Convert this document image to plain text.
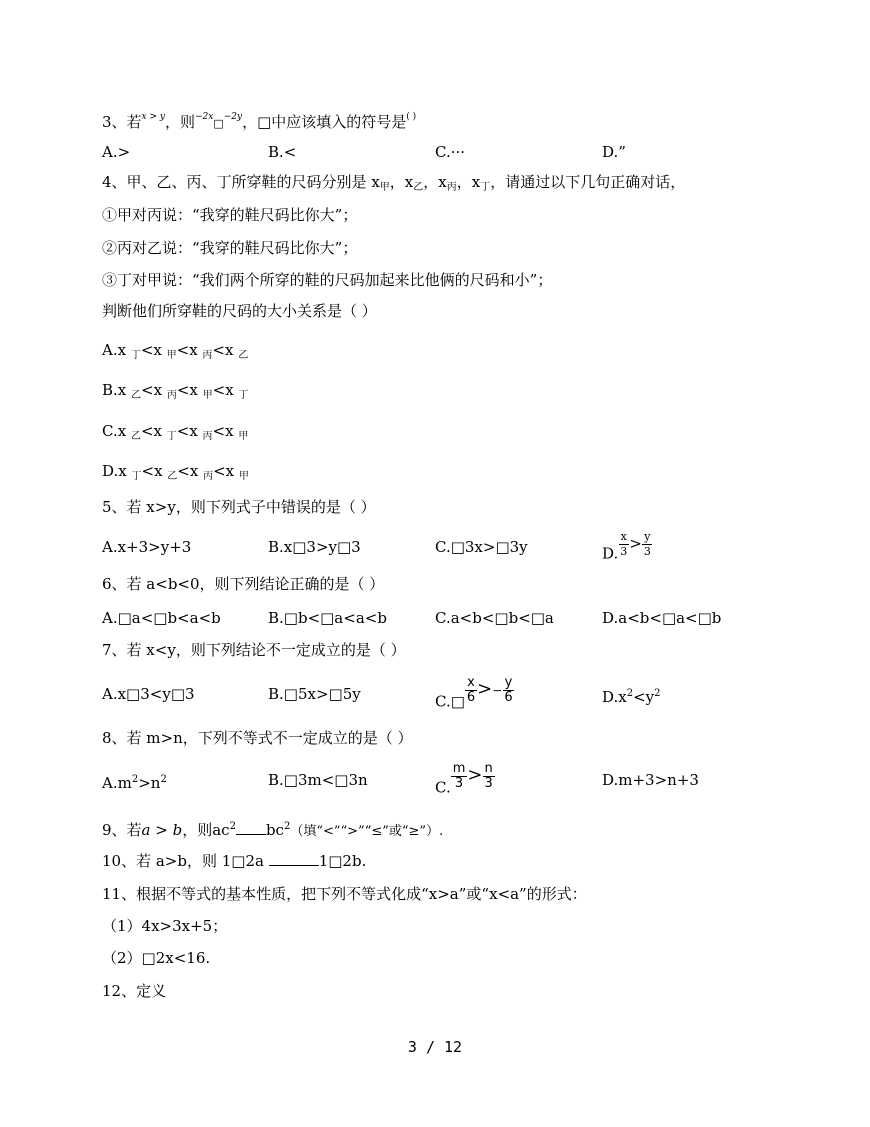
3、若$^{x > y}$，则$^{-2x}$□$^{-2y}$，□中应该填入的符号是( )
A.>	B.<	C.···	D.”
4、甲、乙、丙、丁所穿鞋的尺码分别是 $x_甲$，$x_乙$，$x_丙$，$x_丁$，请通过以下几句正确对话，
①甲对丙说：“我穿的鞋尺码比你大”；
②丙对乙说：“我穿的鞋尺码比你大”；
③丁对甲说：“我们两个所穿的鞋的尺码加起来比他俩的尺码和小”；
判断他们所穿鞋的尺码的大小关系是（ ）
A.x $_丁$<x $_甲$<x $_丙$<x $_乙$
B.x $_乙$<x $_丙$<x $_甲$<x $_丁$
C.x $_乙$<x $_丁$<x $_丙$<x $_甲$
D.x $_丁$<x $_乙$<x $_丙$<x $_甲$
5、若 x>y，则下列式子中错误的是（ ）
A.x+3>y+3	B.x□3>y□3	C.□3x>□3y	D. $\frac{x}{3} > \frac{y}{3}$
6、若 a<b<0，则下列结论正确的是（ ）
A.□a<□b<a<b	B.□b<□a<a<b	C.a<b<□b<□a	D.a<b<□a<□b
7、若 x<y，则下列结论不一定成立的是（ ）
A.x□3<y□3	B.□5x>□5y	C.□ $\frac{x}{6} >- \frac{y}{6}$	$D.x^2<y^2$
8、若 m>n，下列不等式不一定成立的是（ ）
$A.m^2>n^2$	B.□3m<□3n	C. $\frac{m}{3} > \frac{n}{3}$	D.m+3>n+3
9、若a > b，则$ac^2$ $bc^2$（填“<”“>”“≤”或“≥”）.
10、若 a>b，则 1□2a	1□2b.
11、根据不等式的基本性质，把下列不等式化成“x>a”或“x<a”的形式：
（1）4x>3x+5；
（2）□2x<16.
12、定义
3 / 12
